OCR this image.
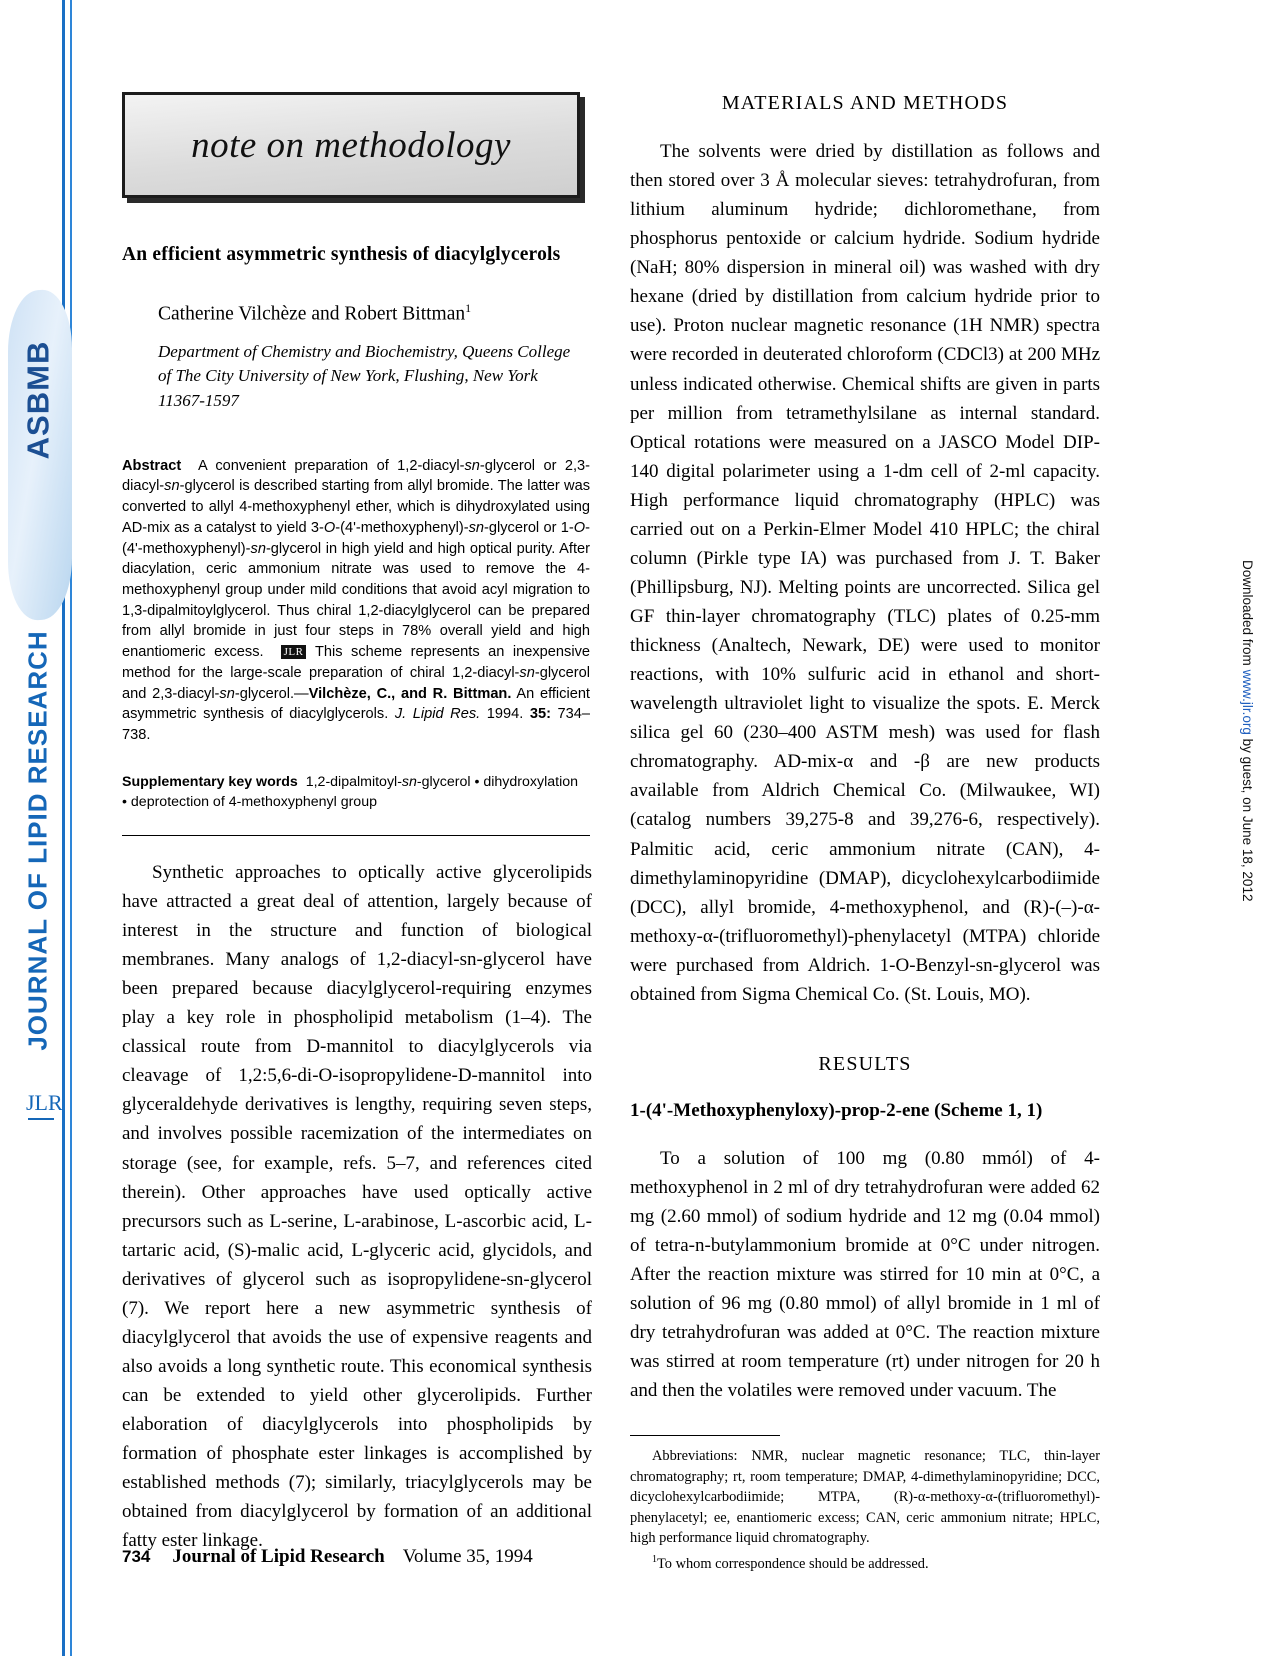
ASBMB
JOURNAL OF LIPID RESEARCH
JLR
Downloaded from www.jlr.org by guest, on June 18, 2012
note on methodology
An efficient asymmetric synthesis of diacylglycerols
Catherine Vilchèze and Robert Bittman$^1$
Department of Chemistry and Biochemistry, Queens College of The City University of New York, Flushing, New York 11367-1597
Abstract A convenient preparation of 1,2-diacyl-sn-glycerol or 2,3-diacyl-sn-glycerol is described starting from allyl bromide. The latter was converted to allyl 4-methoxyphenyl ether, which is dihydroxylated using AD-mix as a catalyst to yield 3-O-(4'-methoxyphenyl)-sn-glycerol or 1-O-(4'-methoxyphenyl)-sn-glycerol in high yield and high optical purity. After diacylation, ceric ammonium nitrate was used to remove the 4-methoxyphenyl group under mild conditions that avoid acyl migration to 1,3-dipalmitoylglycerol. Thus chiral 1,2-diacylglycerol can be prepared from allyl bromide in just four steps in 78% overall yield and high enantiomeric excess. JLR This scheme represents an inexpensive method for the large-scale preparation of chiral 1,2-diacyl-sn-glycerol and 2,3-diacyl-sn-glycerol.—Vilchèze, C., and R. Bittman. An efficient asymmetric synthesis of diacylglycerols. J. Lipid Res. 1994. 35: 734–738.
Supplementary key words 1,2-dipalmitoyl-sn-glycerol • dihydroxylation
• deprotection of 4-methoxyphenyl group

Synthetic approaches to optically active glycerolipids have attracted a great deal of attention, largely because of interest in the structure and function of biological membranes. Many analogs of 1,2-diacyl-sn-glycerol have been prepared because diacylglycerol-requiring enzymes play a key role in phospholipid metabolism (1–4). The classical route from D-mannitol to diacylglycerols via cleavage of 1,2:5,6-di-O-isopropylidene-D-mannitol into glyceraldehyde derivatives is lengthy, requiring seven steps, and involves possible racemization of the intermediates on storage (see, for example, refs. 5–7, and references cited therein). Other approaches have used optically active precursors such as L-serine, L-arabinose, L-ascorbic acid, L-tartaric acid, (S)-malic acid, L-glyceric acid, glycidols, and derivatives of glycerol such as isopropylidene-sn-glycerol (7). We report here a new asymmetric synthesis of diacylglycerol that avoids the use of expensive reagents and also avoids a long synthetic route. This economical synthesis can be extended to yield other glycerolipids. Further elaboration of diacylglycerols into phospholipids by formation of phosphate ester linkages is accomplished by established methods (7); similarly, triacylglycerols may be obtained from diacylglycerol by formation of an additional fatty ester linkage.

MATERIALS AND METHODS

The solvents were dried by distillation as follows and then stored over 3 Å molecular sieves: tetrahydrofuran, from lithium aluminum hydride; dichloromethane, from phosphorus pentoxide or calcium hydride. Sodium hydride (NaH; 80% dispersion in mineral oil) was washed with dry hexane (dried by distillation from calcium hydride prior to use). Proton nuclear magnetic resonance (1H NMR) spectra were recorded in deuterated chloroform (CDCl3) at 200 MHz unless indicated otherwise. Chemical shifts are given in parts per million from tetramethylsilane as internal standard. Optical rotations were measured on a JASCO Model DIP-140 digital polarimeter using a 1-dm cell of 2-ml capacity. High performance liquid chromatography (HPLC) was carried out on a Perkin-Elmer Model 410 HPLC; the chiral column (Pirkle type IA) was purchased from J. T. Baker (Phillipsburg, NJ). Melting points are uncorrected. Silica gel GF thin-layer chromatography (TLC) plates of 0.25-mm thickness (Analtech, Newark, DE) were used to monitor reactions, with 10% sulfuric acid in ethanol and short-wavelength ultraviolet light to visualize the spots. E. Merck silica gel 60 (230–400 ASTM mesh) was used for flash chromatography. AD-mix-α and -β are new products available from Aldrich Chemical Co. (Milwaukee, WI) (catalog numbers 39,275-8 and 39,276-6, respectively). Palmitic acid, ceric ammonium nitrate (CAN), 4-dimethylaminopyridine (DMAP), dicyclohexylcarbodiimide (DCC), allyl bromide, 4-methoxyphenol, and (R)-(–)-α-methoxy-α-(trifluoromethyl)-phenylacetyl (MTPA) chloride were purchased from Aldrich. 1-O-Benzyl-sn-glycerol was obtained from Sigma Chemical Co. (St. Louis, MO).

RESULTS
1-(4'-Methoxyphenyloxy)-prop-2-ene (Scheme 1, 1)

To a solution of 100 mg (0.80 mmól) of 4-methoxyphenol in 2 ml of dry tetrahydrofuran were added 62 mg (2.60 mmol) of sodium hydride and 12 mg (0.04 mmol) of tetra-n-butylammonium bromide at 0°C under nitrogen. After the reaction mixture was stirred for 10 min at 0°C, a solution of 96 mg (0.80 mmol) of allyl bromide in 1 ml of dry tetrahydrofuran was added at 0°C. The reaction mixture was stirred at room temperature (rt) under nitrogen for 20 h and then the volatiles were removed under vacuum. The

Abbreviations: NMR, nuclear magnetic resonance; TLC, thin-layer chromatography; rt, room temperature; DMAP, 4-dimethylaminopyridine; DCC, dicyclohexylcarbodiimide; MTPA, (R)-α-methoxy-α-(trifluoromethyl)-phenylacetyl; ee, enantiomeric excess; CAN, ceric ammonium nitrate; HPLC, high performance liquid chromatography.

$^1$To whom correspondence should be addressed.

734 Journal of Lipid Research Volume 35, 1994
